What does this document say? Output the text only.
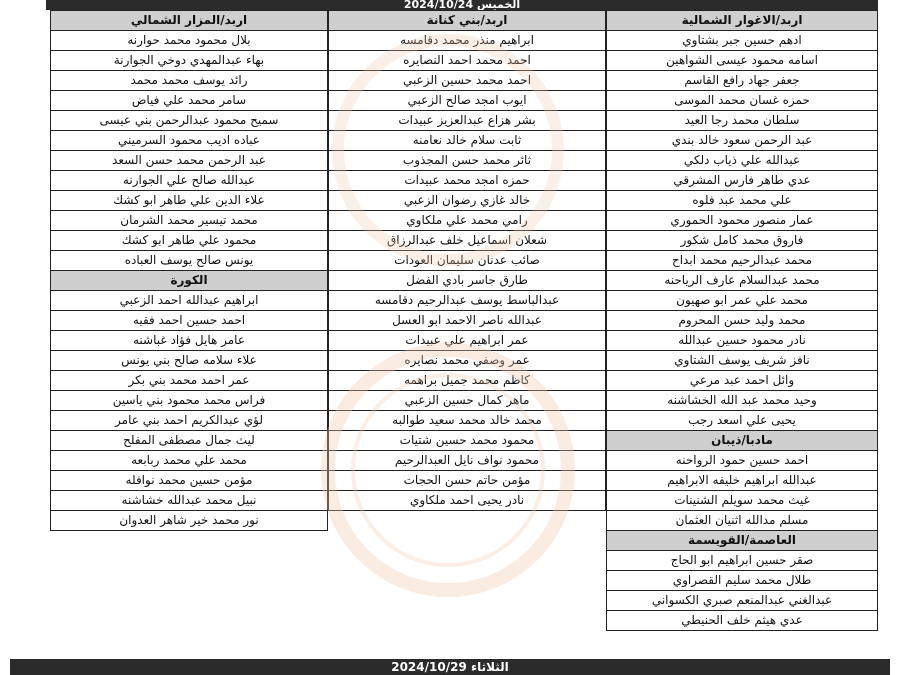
الخميس 2024/10/24
اربد/الاغوار الشمالية
ادهم حسين جبر بشتاوي
اسامه محمود عيسى الشواهين
جعفر جهاد رافع القاسم
حمزه غسان محمد الموسى
سلطان محمد رجا العيد
عبد الرحمن سعود خالد بندي
عبدالله علي ذياب دلكي
عدي طاهر فارس المشرقي
علي محمد عبد فلوه
عمار منصور محمود الحموري
فاروق محمد كامل شكور
محمد عبدالرحيم محمد ابداح
محمد عبدالسلام عارف الرياحنه
محمد علي عمر ابو صهيون
محمد وليد حسن المحروم
نادر محمود حسين عبدالله
نافز شريف يوسف الشتاوي
وائل احمد عبد مرعي
وحيد محمد عبد الله الخشاشنه
يحيى علي اسعد رجب
مادبا/ذيبان
احمد حسين حمود الرواحنه
عبدالله ابراهيم خليفه الابراهيم
غيث محمد سويلم الشنينات
مسلم مدالله اثنيان العثمان
العاصمة/القويسمة
صقر حسين ابراهيم ابو الحاج
طلال محمد سليم القصراوي
عبدالغني عبدالمنعم صبري الكسواني
عدي هيثم خلف الحنيطي
اربد/بني كنانة
ابراهيم منذر محمد دقامسه
احمد محمد احمد النصايره
احمد محمد حسين الزعبي
ايوب امجد صالح الزعبي
بشر هزاع عبدالعزيز عبيدات
ثابت سلام خالد نعامنه
ثائر محمد حسن المجذوب
حمزه امجد محمد عبيدات
خالد غازي رضوان الزعبي
رامي محمد علي ملكاوي
شعلان اسماعيل خلف عبدالرزاق
صائب عدنان سليمان العودات
طارق جاسر بادي الفضل
عبدالباسط يوسف عبدالرحيم دقامسه
عبدالله ناصر الاحمد ابو العسل
عمر ابراهيم علي عبيدات
عمر وصفي محمد نصايره
كاظم محمد جميل براهمه
ماهر كمال حسين الزعبي
محمد خالد محمد سعيد طوالبه
محمود محمد حسين شتيات
محمود نواف نايل العبدالرحيم
مؤمن حاتم حسن الحجات
نادر يحيى احمد ملكاوي
اربد/المزار الشمالي
بلال محمود محمد حوارنه
بهاء عبدالمهدي دوخي الجوارنة
رائد يوسف محمد محمد
سامر محمد علي فياض
سميح محمود عبدالرحمن بني عيسى
عباده اديب محمود السرميني
عبد الرحمن محمد حسن السعد
عبدالله صالح علي الجوارنه
علاء الدين علي طاهر ابو كشك
محمد تيسير محمد الشرمان
محمود علي طاهر ابو كشك
يونس صالح يوسف العباده
الكورة
ابراهيم عبدالله احمد الزعبي
احمد حسين احمد فقيه
عامر هايل فؤاد غباشنه
علاء سلامه صالح بني يونس
عمر احمد محمد بني بكر
فراس محمد محمود بني ياسين
لؤي عبدالكريم احمد بني عامر
ليث جمال مصطفى المفلح
محمد علي محمد ربابعه
مؤمن حسين محمد نوافله
نبيل محمد عبدالله خشاشنه
نور محمد خير شاهر العدوان
الثلاثاء 2024/10/29
